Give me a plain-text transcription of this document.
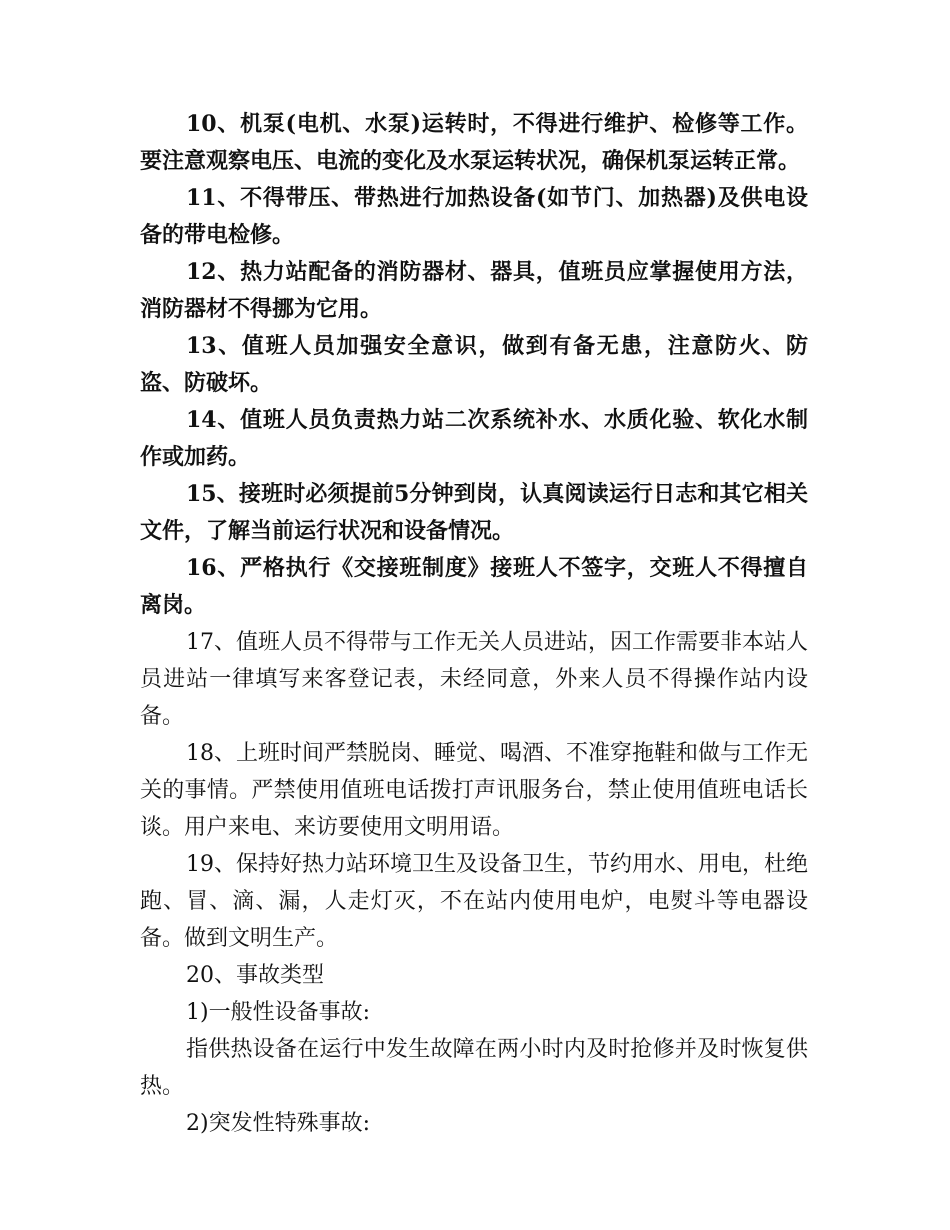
10、机泵(电机、水泵)运转时，不得进行维护、检修等工作。要注意观察电压、电流的变化及水泵运转状况，确保机泵运转正常。

11、不得带压、带热进行加热设备(如节门、加热器)及供电设备的带电检修。

12、热力站配备的消防器材、器具，值班员应掌握使用方法，消防器材不得挪为它用。

13、值班人员加强安全意识，做到有备无患，注意防火、防盗、防破坏。

14、值班人员负责热力站二次系统补水、水质化验、软化水制作或加药。

15、接班时必须提前5分钟到岗，认真阅读运行日志和其它相关文件，了解当前运行状况和设备情况。

16、严格执行《交接班制度》接班人不签字，交班人不得擅自离岗。

17、值班人员不得带与工作无关人员进站，因工作需要非本站人员进站一律填写来客登记表，未经同意，外来人员不得操作站内设备。

18、上班时间严禁脱岗、睡觉、喝酒、不准穿拖鞋和做与工作无关的事情。严禁使用值班电话拨打声讯服务台，禁止使用值班电话长谈。用户来电、来访要使用文明用语。

19、保持好热力站环境卫生及设备卫生，节约用水、用电，杜绝跑、冒、滴、漏，人走灯灭，不在站内使用电炉，电熨斗等电器设备。做到文明生产。

20、事故类型

1)一般性设备事故:

指供热设备在运行中发生故障在两小时内及时抢修并及时恢复供热。

2)突发性特殊事故:
